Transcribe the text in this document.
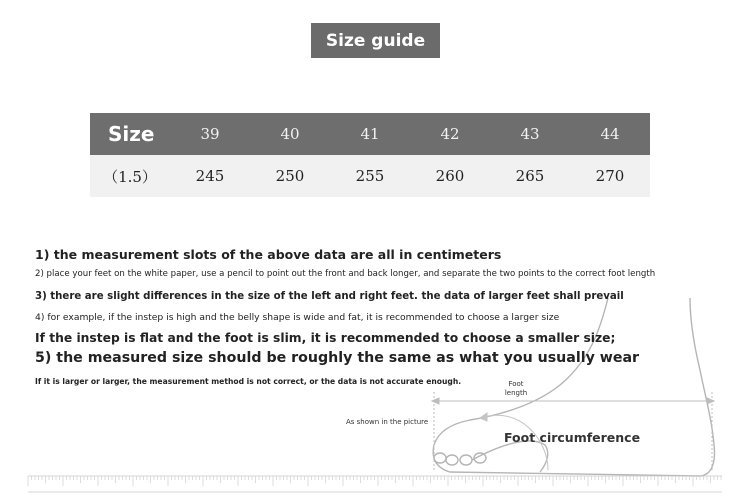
Size guide
Size	39	40	41	42	43	44
（1.5）	245	250	255	260	265	270
1) the measurement slots of the above data are all in centimeters
2) place your feet on the white paper, use a pencil to point out the front and back longer, and separate the two points to the correct foot length
3) there are slight differences in the size of the left and right feet. the data of larger feet shall prevail
4) for example, if the instep is high and the belly shape is wide and fat, it is recommended to choose a larger size
If the instep is flat and the foot is slim, it is recommended to choose a smaller size;
5) the measured size should be roughly the same as what you usually wear
If it is larger or larger, the measurement method is not correct, or the data is not accurate enough.	Foot
length
As shown in the picture
Foot circumference
